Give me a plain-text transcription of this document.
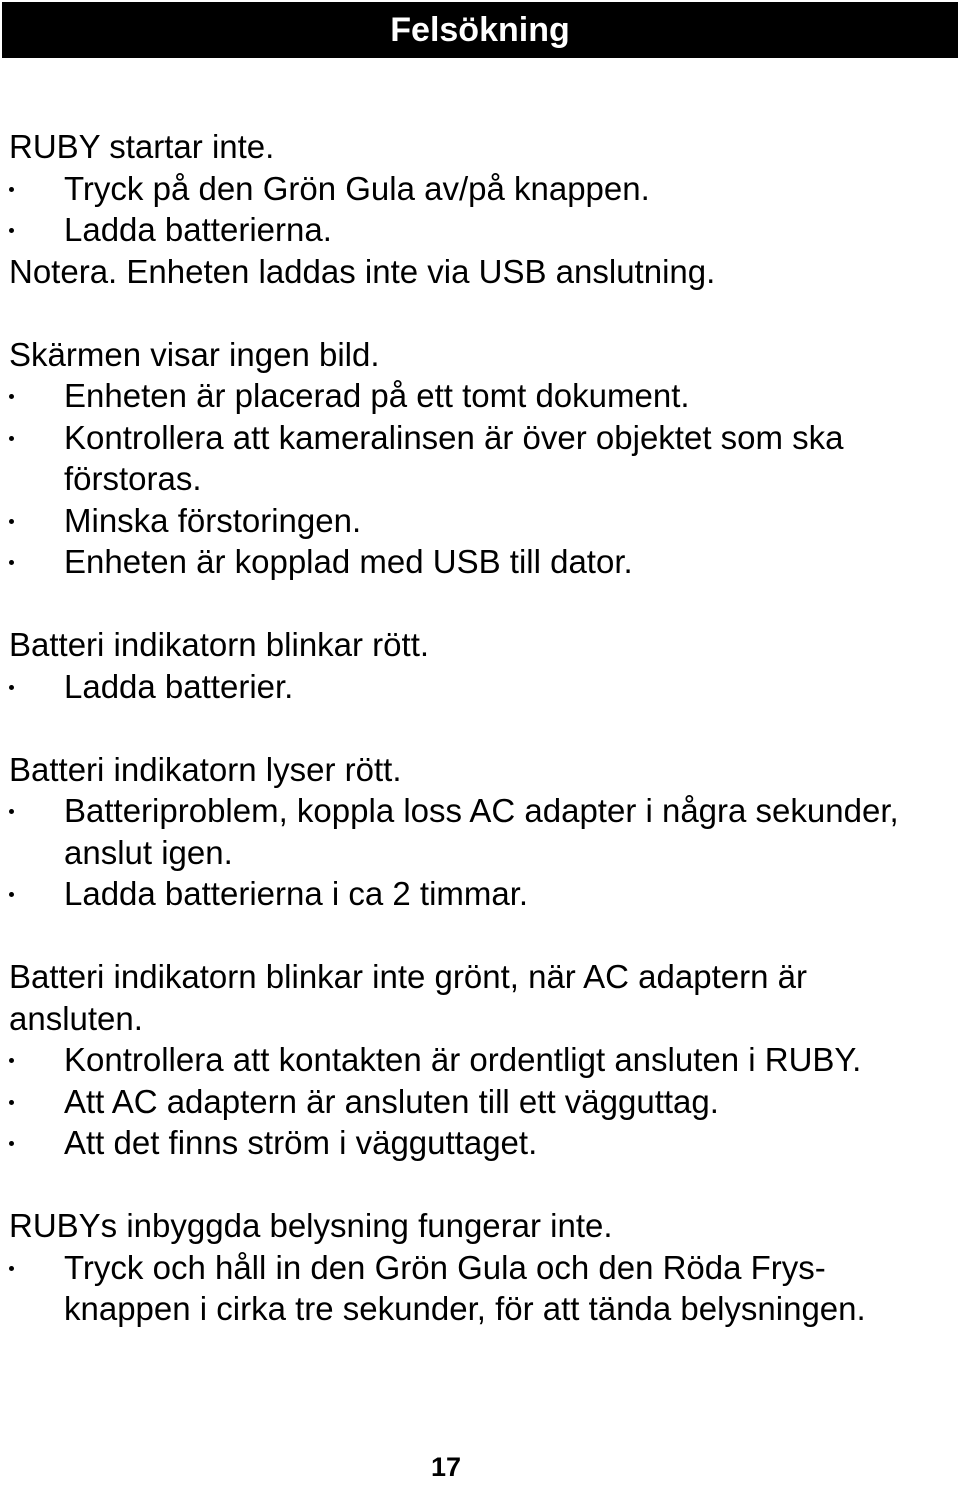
Felsökning

RUBY startar inte.

Tryck på den Grön Gula av/på knappen.
Ladda batterierna.

Notera. Enheten laddas inte via USB anslutning.

Skärmen visar ingen bild.

Enheten är placerad på ett tomt dokument.
Kontrollera att kameralinsen är över objektet som ska förstoras.
Minska förstoringen.
Enheten är kopplad med USB till dator.

Batteri indikatorn blinkar rött.

Ladda batterier.

Batteri indikatorn lyser rött.

Batteriproblem, koppla loss AC adapter i några sekunder, anslut igen.
Ladda batterierna i ca 2 timmar.

Batteri indikatorn blinkar inte grönt, när AC adaptern är ansluten.

Kontrollera att kontakten är ordentligt ansluten i RUBY.
Att AC adaptern är ansluten till ett vägguttag.
Att det finns ström i vägguttaget.

RUBYs inbyggda belysning fungerar inte.

Tryck och håll in den Grön Gula och den Röda Frys-knappen i cirka tre sekunder, för att tända belysningen.
17
